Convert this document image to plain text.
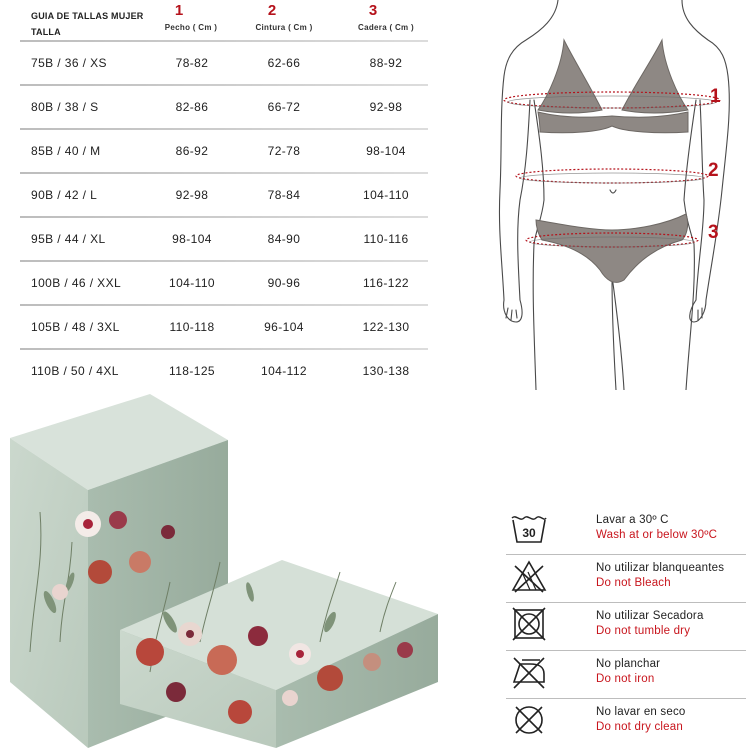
GUIA DE TALLAS MUJER
TALLA
1
Pecho ( Cm )
2
Cintura ( Cm )
3
Cadera ( Cm )
75B / 36 / XS	78-82	62-66	88-92
80B / 38 / S	82-86	66-72	92-98
85B / 40 / M	86-92	72-78	98-104
90B / 42 / L	92-98	78-84	104-110
95B / 44 / XL	98-104	84-90	110-116
100B / 46 / XXL	104-110	90-96	116-122
105B / 48 / 3XL	110-118	96-104	122-130
110B / 50 / 4XL	118-125	104-112	130-138
1
2
3
30
Lavar a 30º C
Wash at or below 30ºC
No utilizar blanqueantes
Do not Bleach
No utilizar Secadora
Do not tumble dry
No planchar
Do not iron
No lavar en seco
Do not dry clean
